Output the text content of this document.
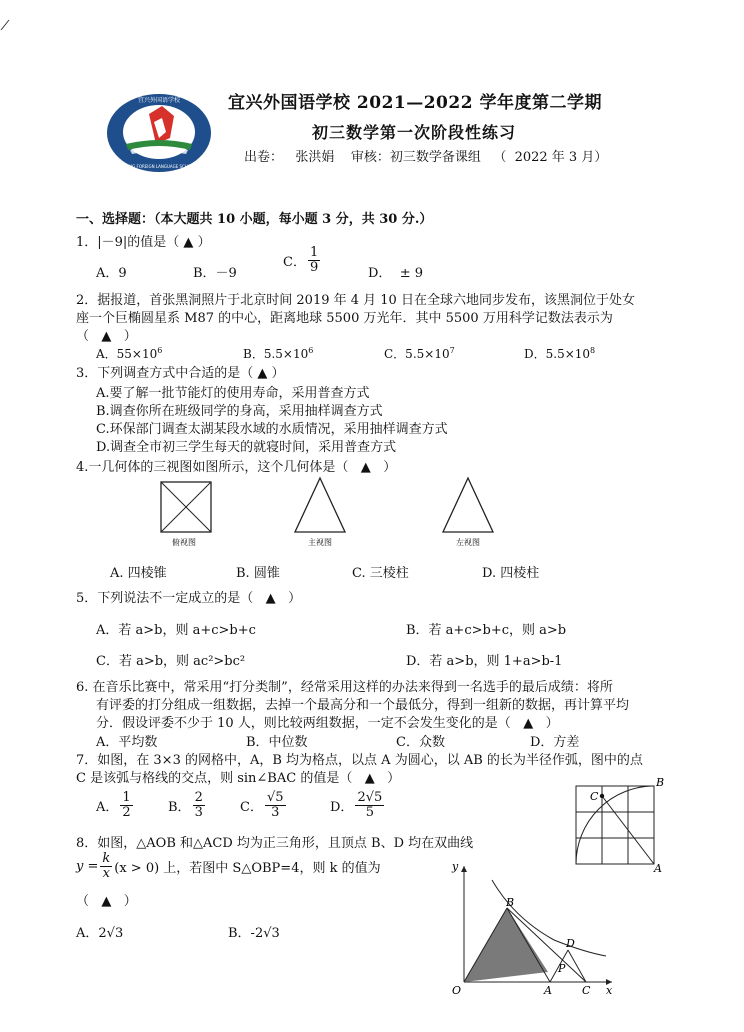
宜兴外国语学校
YIXING FOREIGN LANGUAGE SCHOOL
宜兴外国语学校 2021—2022 学年度第二学期
初三数学第一次阶段性练习
出卷：   张洪娟    审核：初三数学备课组   （  2022 年 3 月）
一、选择题：（本大题共 10 小题，每小题 3 分，共 30 分.）
1．|－9|的值是（ ▲ ）
A．9	B．－9
C． $\frac{1}{9}$	D．  ± 9
2．据报道，首张黑洞照片于北京时间 2019 年 4 月 10 日在全球六地同步发布，该黑洞位于处女
座一个巨椭圆星系 M87 的中心，距离地球 5500 万光年．其中 5500 万用科学记数法表示为
（   ▲   ）
A．$55\times 10^6$	B．$5.5\times 10^6$	C．$5.5\times 10^7$	D．$5.5\times 10^8$
3．下列调查方式中合适的是（ ▲ ）
A.要了解一批节能灯的使用寿命，采用普查方式
B.调查你所在班级同学的身高，采用抽样调查方式
C.环保部门调查太湖某段水域的水质情况，采用抽样调查方式
D.调查全市初三学生每天的就寝时间，采用普查方式
4.一几何体的三视图如图所示，这个几何体是（   ▲   ）
俯视图	主视图	左视图
A. 四棱锥	B. 圆锥	C. 三棱柱	D. 四棱柱
5．下列说法不一定成立的是（   ▲   ）
A．若 a>b，则 a+c>b+c	B．若 a+c>b+c，则 a>b
C．若 a>b，则 ac²>bc²	D．若 a>b，则 1+a>b-1
6. 在音乐比赛中，常采用“打分类制”，经常采用这样的办法来得到一名选手的最后成绩：将所
有评委的打分组成一组数据，去掉一个最高分和一个最低分，得到一组新的数据，再计算平均
分．假设评委不少于 10 人，则比较两组数据，一定不会发生变化的是（   ▲   ）
A．平均数	B．中位数	C．众数	D．方差
7．如图，在 3×3 的网格中，A，B 均为格点，以点 A 为圆心，以 AB 的长为半径作弧，图中的点
C 是该弧与格线的交点，则 sin∠BAC 的值是（   ▲   ）
A． $\frac{1}{2}$	B． $\frac{2}{3}$	C． $\frac{√5}{3}$	D． $\frac{2√5}{5}$	C
B
A
8．如图，△AOB 和△ACD 均为正三角形，且顶点 B、D 均在双曲线
$y = \frac{k}{x} (x > 0)$ 上，若图中 S△OBP=4，则 k 的值为
（   ▲   ）
A．2√3	B．-2√3
y
x
O	A	C
B
D
P
